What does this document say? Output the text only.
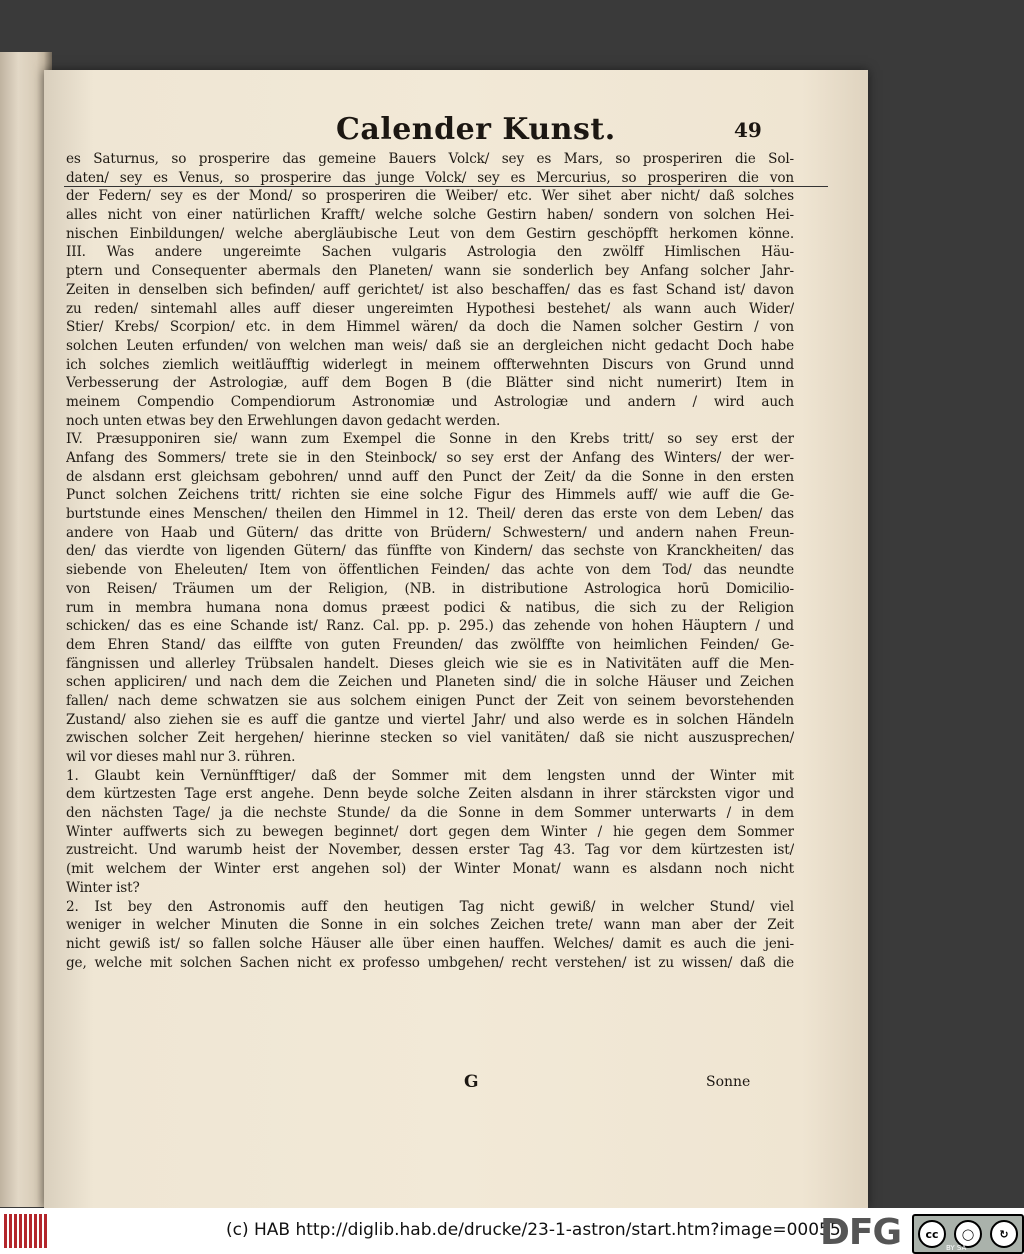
Calender Kunst.	49
es Saturnus, so prosperire das gemeine Bauers Volck/ sey es Mars, so prosperiren die Sol-
daten/ sey es Venus, so prosperire das junge Volck/ sey es Mercurius, so prosperiren die von
der Federn/ sey es der Mond/ so prosperiren die Weiber/ etc. Wer sihet aber nicht/ daß solches
alles nicht von einer natürlichen Krafft/ welche solche Gestirn haben/ sondern von solchen Hei-
nischen Einbildungen/ welche abergläubische Leut von dem Gestirn geschöpfft herkomen könne.
III. Was andere ungereimte Sachen vulgaris Astrologia den zwölff Himlischen Häu-
ptern und Consequenter abermals den Planeten/ wann sie sonderlich bey Anfang solcher Jahr-
Zeiten in denselben sich befinden/ auff gerichtet/ ist also beschaffen/ das es fast Schand ist/ davon
zu reden/ sintemahl alles auff dieser ungereimten Hypothesi bestehet/ als wann auch Wider/
Stier/ Krebs/ Scorpion/ etc. in dem Himmel wären/ da doch die Namen solcher Gestirn / von
solchen Leuten erfunden/ von welchen man weis/ daß sie an dergleichen nicht gedacht Doch habe
ich solches ziemlich weitläufftig widerlegt in meinem offterwehnten Discurs von Grund unnd
Verbesserung der Astrologiæ, auff dem Bogen B (die Blätter sind nicht numerirt) Item in
meinem Compendio Compendiorum Astronomiæ und Astrologiæ und andern / wird auch
noch unten etwas bey den Erwehlungen davon gedacht werden.
IV. Præsupponiren sie/ wann zum Exempel die Sonne in den Krebs tritt/ so sey erst der
Anfang des Sommers/ trete sie in den Steinbock/ so sey erst der Anfang des Winters/ der wer-
de alsdann erst gleichsam gebohren/ unnd auff den Punct der Zeit/ da die Sonne in den ersten
Punct solchen Zeichens tritt/ richten sie eine solche Figur des Himmels auff/ wie auff die Ge-
burtstunde eines Menschen/ theilen den Himmel in 12. Theil/ deren das erste von dem Leben/ das
andere von Haab und Gütern/ das dritte von Brüdern/ Schwestern/ und andern nahen Freun-
den/ das vierdte von ligenden Gütern/ das fünffte von Kindern/ das sechste von Kranckheiten/ das
siebende von Eheleuten/ Item von öffentlichen Feinden/ das achte von dem Tod/ das neundte
von Reisen/ Träumen um der Religion, (NB. in distributione Astrologica horū Domicilio-
rum in membra humana nona domus præest podici & natibus, die sich zu der Religion
schicken/ das es eine Schande ist/ Ranz. Cal. pp. p. 295.) das zehende von hohen Häuptern / und
dem Ehren Stand/ das eilffte von guten Freunden/ das zwölffte von heimlichen Feinden/ Ge-
fängnissen und allerley Trübsalen handelt. Dieses gleich wie sie es in Nativitäten auff die Men-
schen appliciren/ und nach dem die Zeichen und Planeten sind/ die in solche Häuser und Zeichen
fallen/ nach deme schwatzen sie aus solchem einigen Punct der Zeit von seinem bevorstehenden
Zustand/ also ziehen sie es auff die gantze und viertel Jahr/ und also werde es in solchen Händeln
zwischen solcher Zeit hergehen/ hierinne stecken so viel vanitäten/ daß sie nicht auszusprechen/
wil vor dieses mahl nur 3. rühren.
1. Glaubt kein Vernünfftiger/ daß der Sommer mit dem lengsten unnd der Winter mit
dem kürtzesten Tage erst angehe. Denn beyde solche Zeiten alsdann in ihrer stärcksten vigor und
den nächsten Tage/ ja die nechste Stunde/ da die Sonne in dem Sommer unterwarts / in dem
Winter auffwerts sich zu bewegen beginnet/ dort gegen dem Winter / hie gegen dem Sommer
zustreicht. Und warumb heist der November, dessen erster Tag 43. Tag vor dem kürtzesten ist/
(mit welchem der Winter erst angehen sol) der Winter Monat/ wann es alsdann noch nicht
Winter ist?
2. Ist bey den Astronomis auff den heutigen Tag nicht gewiß/ in welcher Stund/ viel
weniger in welcher Minuten die Sonne in ein solches Zeichen trete/ wann man aber der Zeit
nicht gewiß ist/ so fallen solche Häuser alle über einen hauffen. Welches/ damit es auch die jeni-
ge, welche mit solchen Sachen nicht ex professo umbgehen/ recht verstehen/ ist zu wissen/ daß die
G	Sonne
(c) HAB http://diglib.hab.de/drucke/23-1-astron/start.htm?image=00055
DFG	cc	◯	↻
BY SA
